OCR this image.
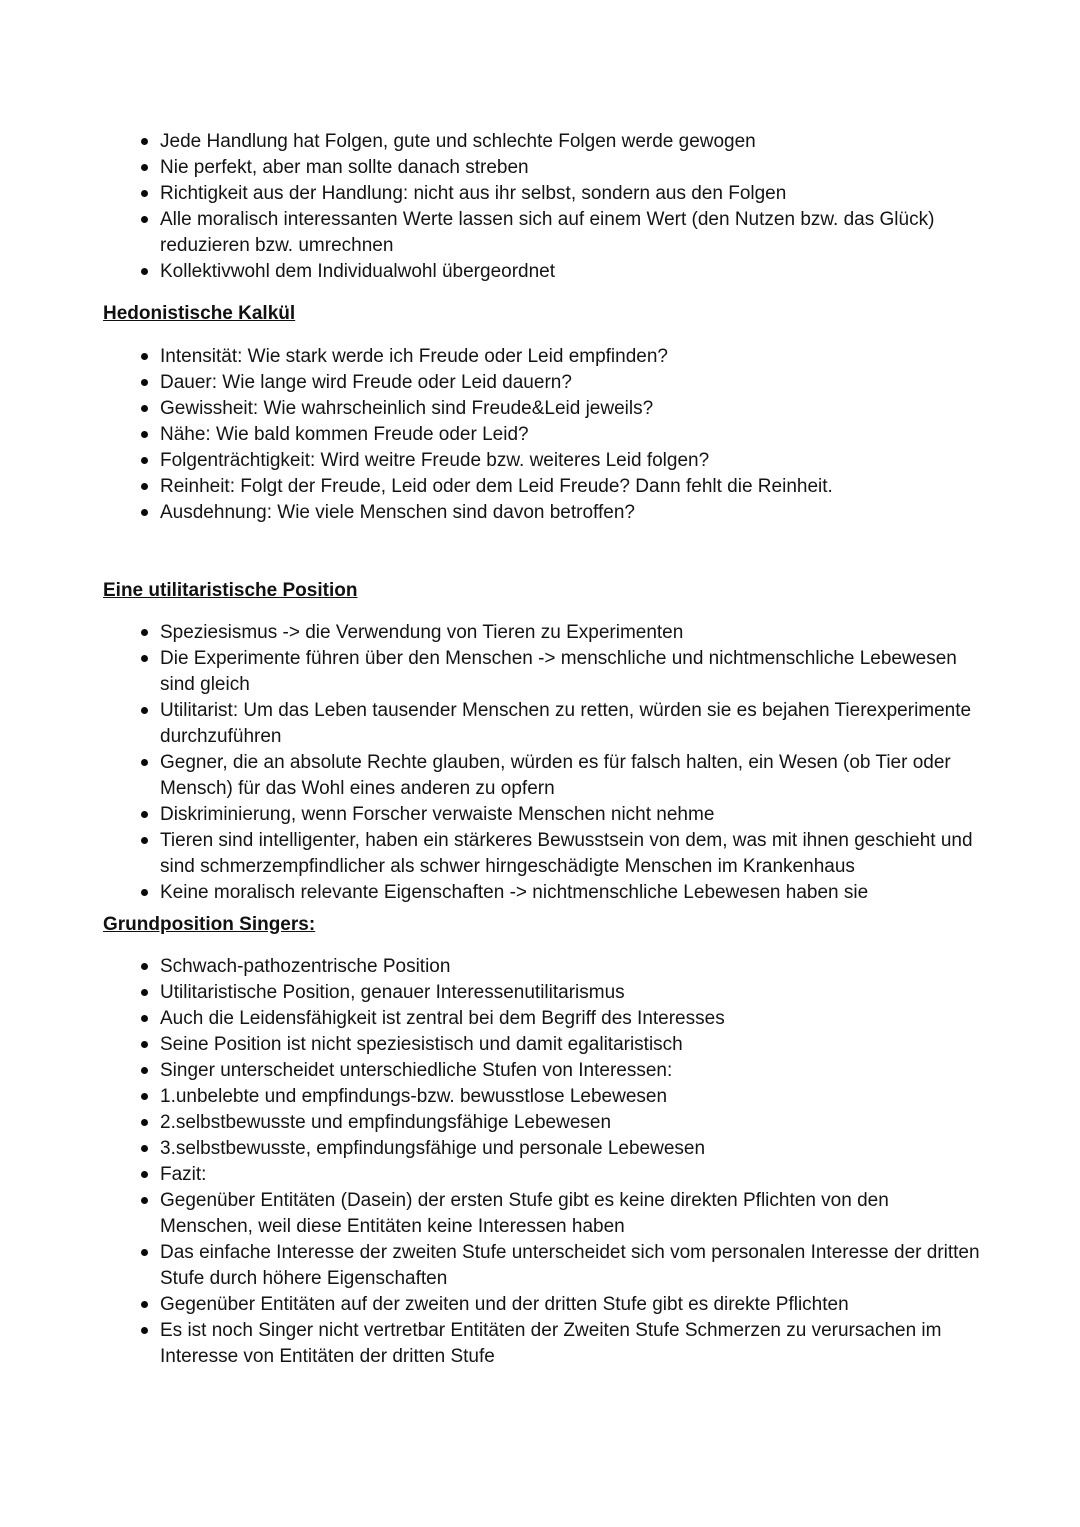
Jede Handlung hat Folgen, gute und schlechte Folgen werde gewogen
Nie perfekt, aber man sollte danach streben
Richtigkeit aus der Handlung: nicht aus ihr selbst, sondern aus den Folgen
Alle moralisch interessanten Werte lassen sich auf einem Wert (den Nutzen bzw. das Glück) reduzieren bzw. umrechnen
Kollektivwohl dem Individualwohl übergeordnet
Hedonistische Kalkül
Intensität: Wie stark werde ich Freude oder Leid empfinden?
Dauer: Wie lange wird Freude oder Leid dauern?
Gewissheit: Wie wahrscheinlich sind Freude&Leid jeweils?
Nähe: Wie bald kommen Freude oder Leid?
Folgenträchtigkeit: Wird weitre Freude bzw. weiteres Leid folgen?
Reinheit: Folgt der Freude, Leid oder dem Leid Freude? Dann fehlt die Reinheit.
Ausdehnung: Wie viele Menschen sind davon betroffen?
Eine utilitaristische Position
Speziesismus -> die Verwendung von Tieren zu Experimenten
Die Experimente führen über den Menschen -> menschliche und nichtmenschliche Lebewesen sind gleich
Utilitarist: Um das Leben tausender Menschen zu retten, würden sie es bejahen Tierexperimente durchzuführen
Gegner, die an absolute Rechte glauben, würden es für falsch halten, ein Wesen (ob Tier oder Mensch) für das Wohl eines anderen zu opfern
Diskriminierung, wenn Forscher verwaiste Menschen nicht nehme
Tieren sind intelligenter, haben ein stärkeres Bewusstsein von dem, was mit ihnen geschieht und sind schmerzempfindlicher als schwer hirngeschädigte Menschen im Krankenhaus
Keine moralisch relevante Eigenschaften -> nichtmenschliche Lebewesen haben sie
Grundposition Singers:
Schwach-pathozentrische Position
Utilitaristische Position, genauer Interessenutilitarismus
Auch die Leidensfähigkeit ist zentral bei dem Begriff des Interesses
Seine Position ist nicht speziesistisch und damit egalitaristisch
Singer unterscheidet unterschiedliche Stufen von Interessen:
1.unbelebte und empfindungs-bzw. bewusstlose Lebewesen
2.selbstbewusste und empfindungsfähige Lebewesen
3.selbstbewusste, empfindungsfähige und personale Lebewesen
Fazit:
Gegenüber Entitäten (Dasein) der ersten Stufe gibt es keine direkten Pflichten von den Menschen, weil diese Entitäten keine Interessen haben
Das einfache Interesse der zweiten Stufe unterscheidet sich vom personalen Interesse der dritten Stufe durch höhere Eigenschaften
Gegenüber Entitäten auf der zweiten und der dritten Stufe gibt es direkte Pflichten
Es ist noch Singer nicht vertretbar Entitäten der Zweiten Stufe Schmerzen zu verursachen im Interesse von Entitäten der dritten Stufe
